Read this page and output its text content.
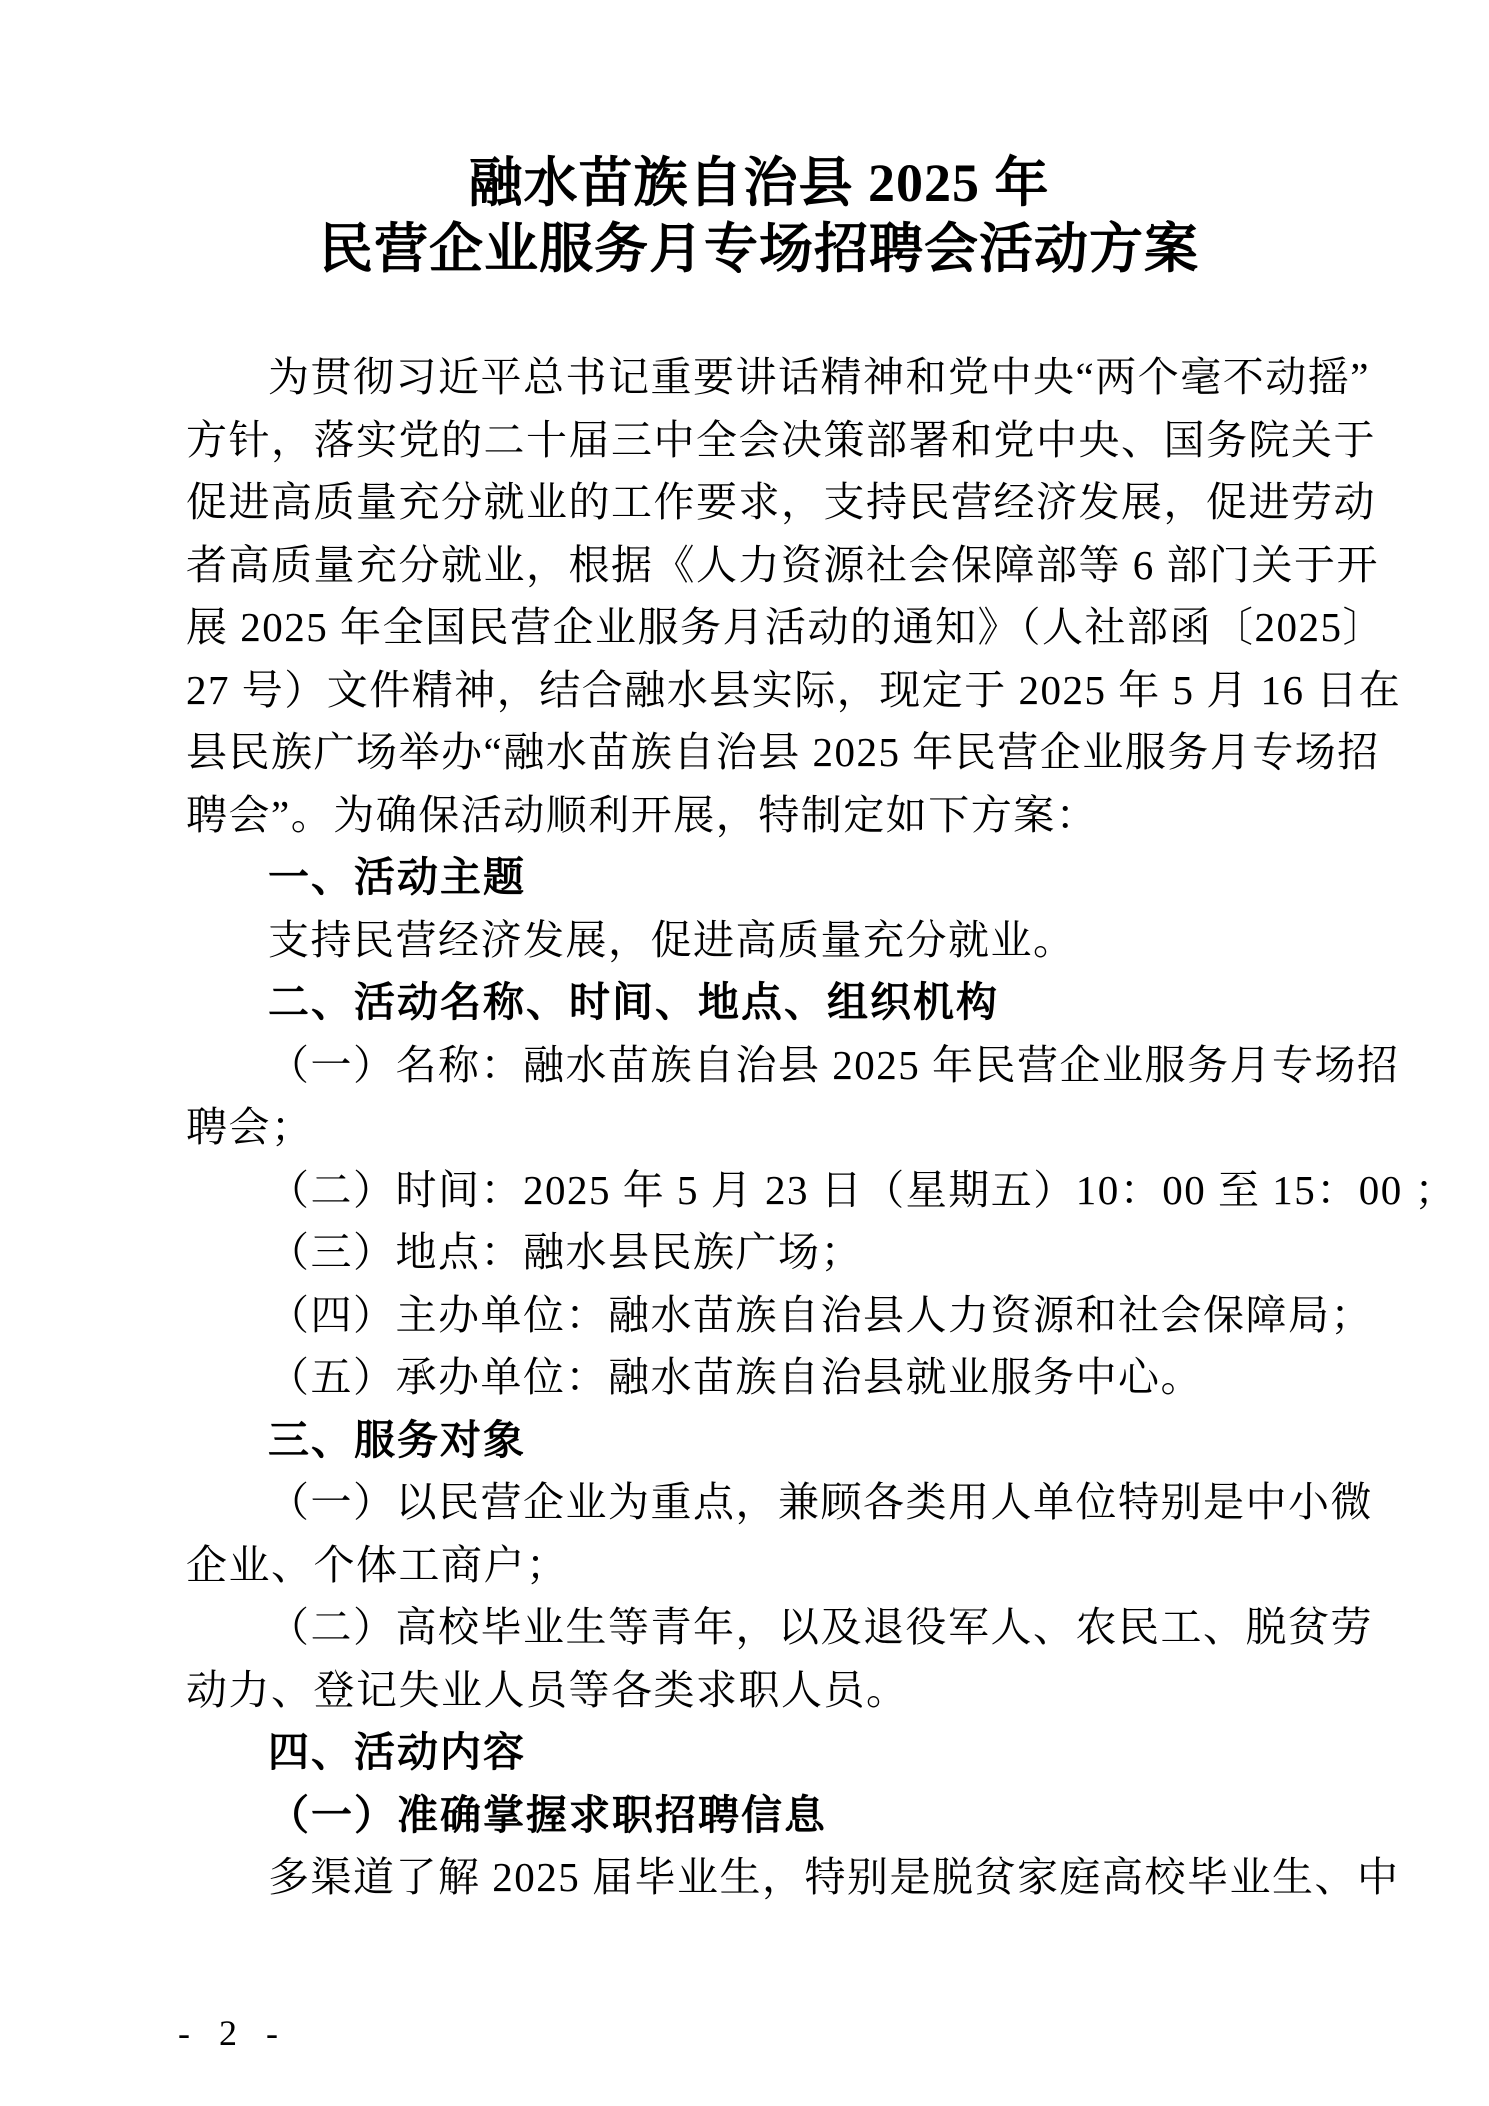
融水苗族自治县 2025 年
民营企业服务月专场招聘会活动方案
为贯彻习近平总书记重要讲话精神和党中央“两个毫不动摇”
方针，落实党的二十届三中全会决策部署和党中央、国务院关于
促进高质量充分就业的工作要求，支持民营经济发展，促进劳动
者高质量充分就业，根据《人力资源社会保障部等 6 部门关于开
展 2025 年全国民营企业服务月活动的通知》（人社部函〔2025〕
27 号）文件精神，结合融水县实际，现定于 2025 年 5 月 16 日在
县民族广场举办“融水苗族自治县 2025 年民营企业服务月专场招
聘会”。为确保活动顺利开展，特制定如下方案：
一、活动主题
支持民营经济发展，促进高质量充分就业。
二、活动名称、时间、地点、组织机构
（一）名称：融水苗族自治县 2025 年民营企业服务月专场招
聘会；
（二）时间：2025 年 5 月 23 日（星期五）10：00 至 15：00 ；
（三）地点：融水县民族广场；
（四）主办单位：融水苗族自治县人力资源和社会保障局；
（五）承办单位：融水苗族自治县就业服务中心。
三、服务对象
（一）以民营企业为重点，兼顾各类用人单位特别是中小微
企业、个体工商户；
（二）高校毕业生等青年，以及退役军人、农民工、脱贫劳
动力、登记失业人员等各类求职人员。
四、活动内容
（一）准确掌握求职招聘信息
多渠道了解 2025 届毕业生，特别是脱贫家庭高校毕业生、中
- 2 -
